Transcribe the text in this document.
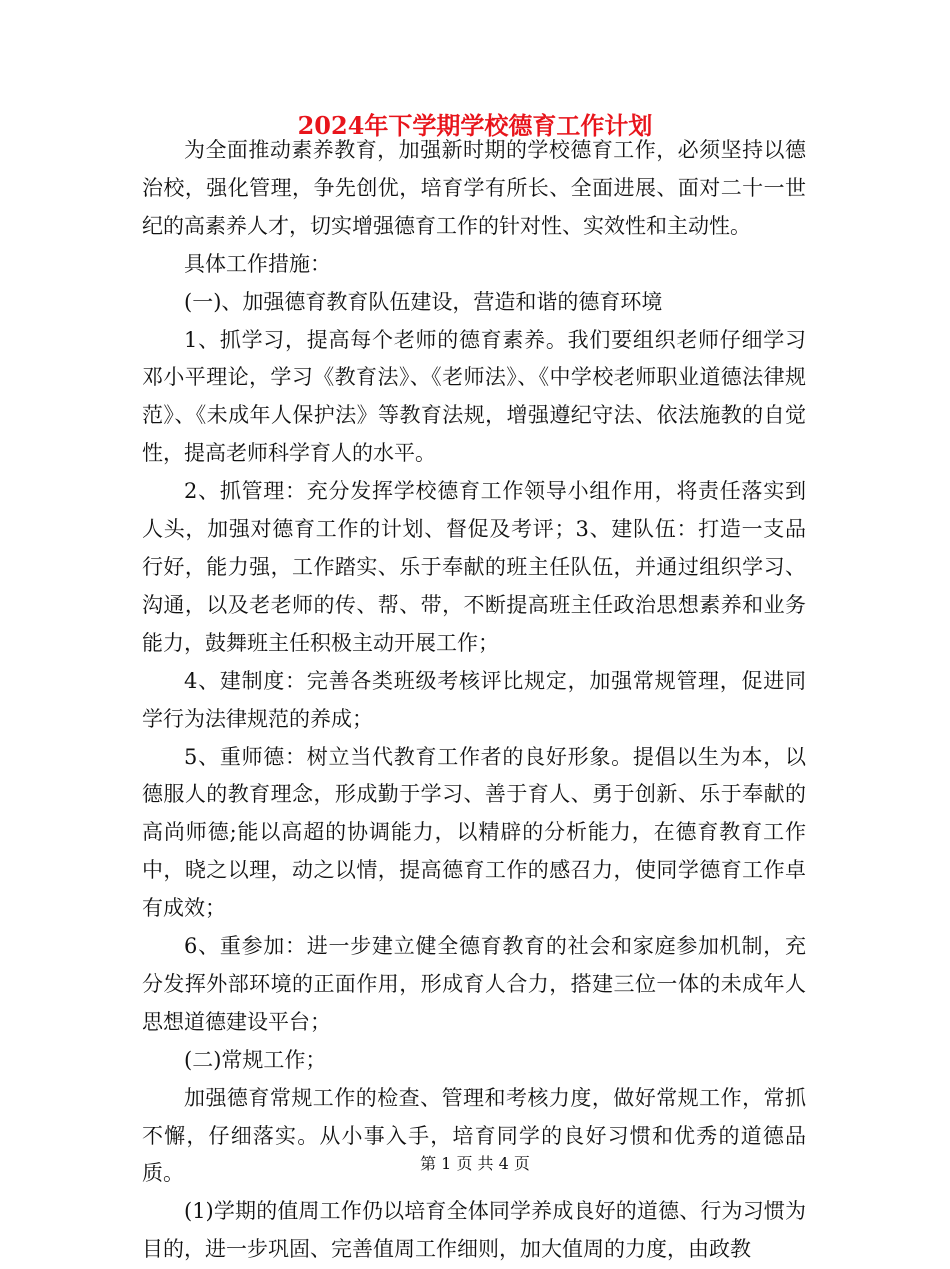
2024年下学期学校德育工作计划

为全面推动素养教育，加强新时期的学校德育工作，必须坚持以德治校，强化管理，争先创优，培育学有所长、全面进展、面对二十一世纪的高素养人才，切实增强德育工作的针对性、实效性和主动性。

具体工作措施：

(一)、加强德育教育队伍建设，营造和谐的德育环境

1、抓学习，提高每个老师的德育素养。我们要组织老师仔细学习邓小平理论，学习《教育法》、《老师法》、《中学校老师职业道德法律规范》、《未成年人保护法》等教育法规，增强遵纪守法、依法施教的自觉性，提高老师科学育人的水平。

2、抓管理：充分发挥学校德育工作领导小组作用，将责任落实到人头，加强对德育工作的计划、督促及考评；3、建队伍：打造一支品行好，能力强，工作踏实、乐于奉献的班主任队伍，并通过组织学习、沟通，以及老老师的传、帮、带，不断提高班主任政治思想素养和业务能力，鼓舞班主任积极主动开展工作；

4、建制度：完善各类班级考核评比规定，加强常规管理，促进同学行为法律规范的养成；

5、重师德：树立当代教育工作者的良好形象。提倡以生为本，以德服人的教育理念，形成勤于学习、善于育人、勇于创新、乐于奉献的高尚师德;能以高超的协调能力，以精辟的分析能力，在德育教育工作中，晓之以理，动之以情，提高德育工作的感召力，使同学德育工作卓有成效；

6、重参加：进一步建立健全德育教育的社会和家庭参加机制，充分发挥外部环境的正面作用，形成育人合力，搭建三位一体的未成年人思想道德建设平台；

(二)常规工作；

加强德育常规工作的检查、管理和考核力度，做好常规工作，常抓不懈，仔细落实。从小事入手，培育同学的良好习惯和优秀的道德品质。

(1)学期的值周工作仍以培育全体同学养成良好的道德、行为习惯为目的，进一步巩固、完善值周工作细则，加大值周的力度，由政教

第 1 页 共 4 页
